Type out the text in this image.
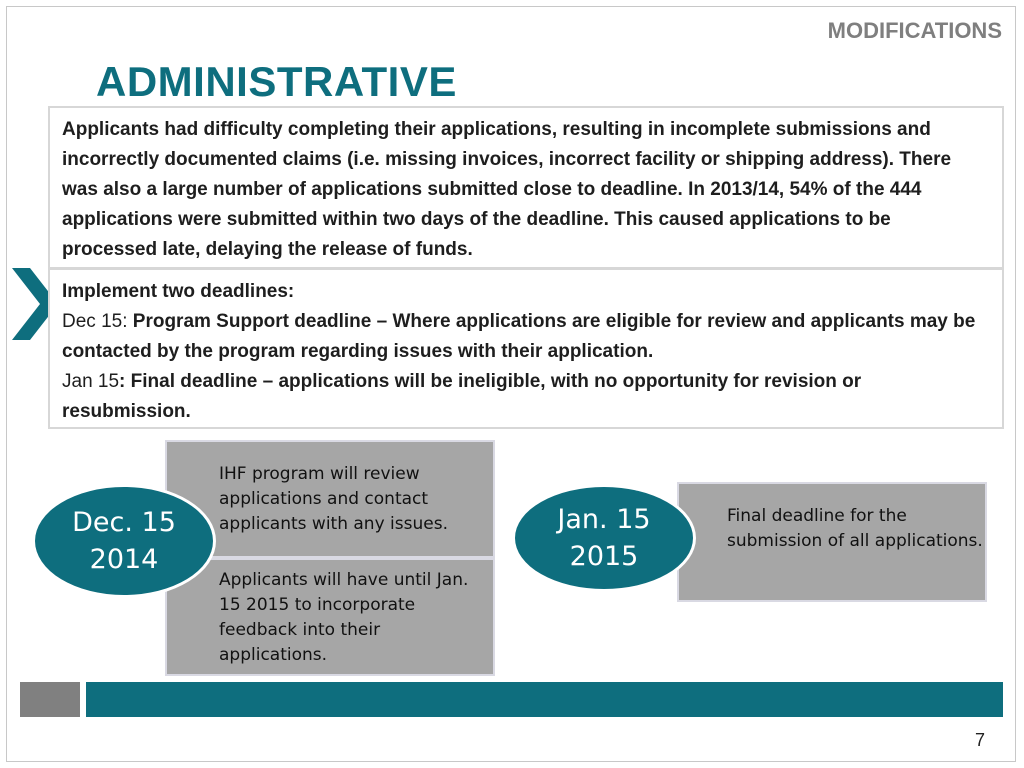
MODIFICATIONS
ADMINISTRATIVE
Applicants had difficulty completing their applications, resulting in incomplete submissions and incorrectly documented claims (i.e. missing invoices, incorrect facility or shipping address). There was also a large number of applications submitted close to deadline. In 2013/14, 54% of the 444 applications were submitted within two days of the deadline. This caused applications to be processed late, delaying the release of funds.
Implement two deadlines:
Dec 15: Program Support deadline – Where applications are eligible for review and applicants may be contacted by the program regarding issues with their application.
Jan 15: Final deadline – applications will be ineligible, with no opportunity for revision or resubmission.
IHF program will review applications and contact applicants with any issues.
Applicants will have until Jan. 15 2015 to incorporate feedback into their applications.
Final deadline for the submission of all applications.
Dec. 15
2014
Jan. 15
2015
7
